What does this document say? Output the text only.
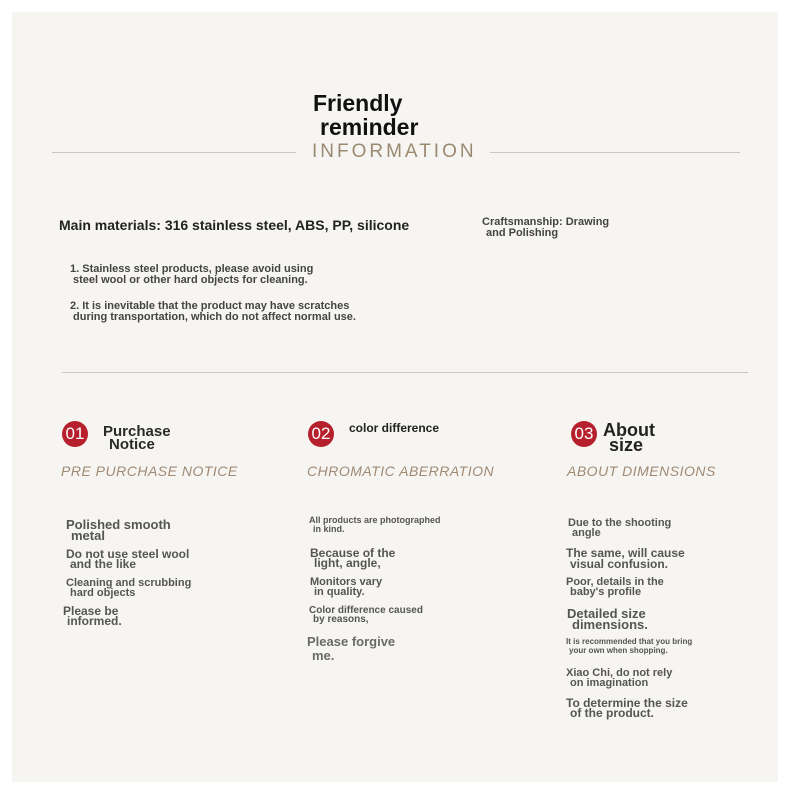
Friendly
reminder
INFORMATION
Main materials: 316 stainless steel, ABS, PP, silicone	Craftsmanship: Drawing
and Polishing
1. Stainless steel products, please avoid using
steel wool or other hard objects for cleaning.
2. It is inevitable that the product may have scratches
during transportation, which do not affect normal use.
01 Purchase
Notice
PRE PURCHASE NOTICE
Polished smooth
metal
Do not use steel wool
and the like
Cleaning and scrubbing
hard objects
Please be
informed.
02 color difference
CHROMATIC ABERRATION
All products are photographed
in kind.
Because of the
light, angle,
Monitors vary
in quality.
Color difference caused
by reasons,
Please forgive
me.
03 About
size
ABOUT DIMENSIONS
Due to the shooting
angle
The same, will cause
visual confusion.
Poor, details in the
baby's profile
Detailed size
dimensions.
It is recommended that you bring
your own when shopping.
Xiao Chi, do not rely
on imagination
To determine the size
of the product.
